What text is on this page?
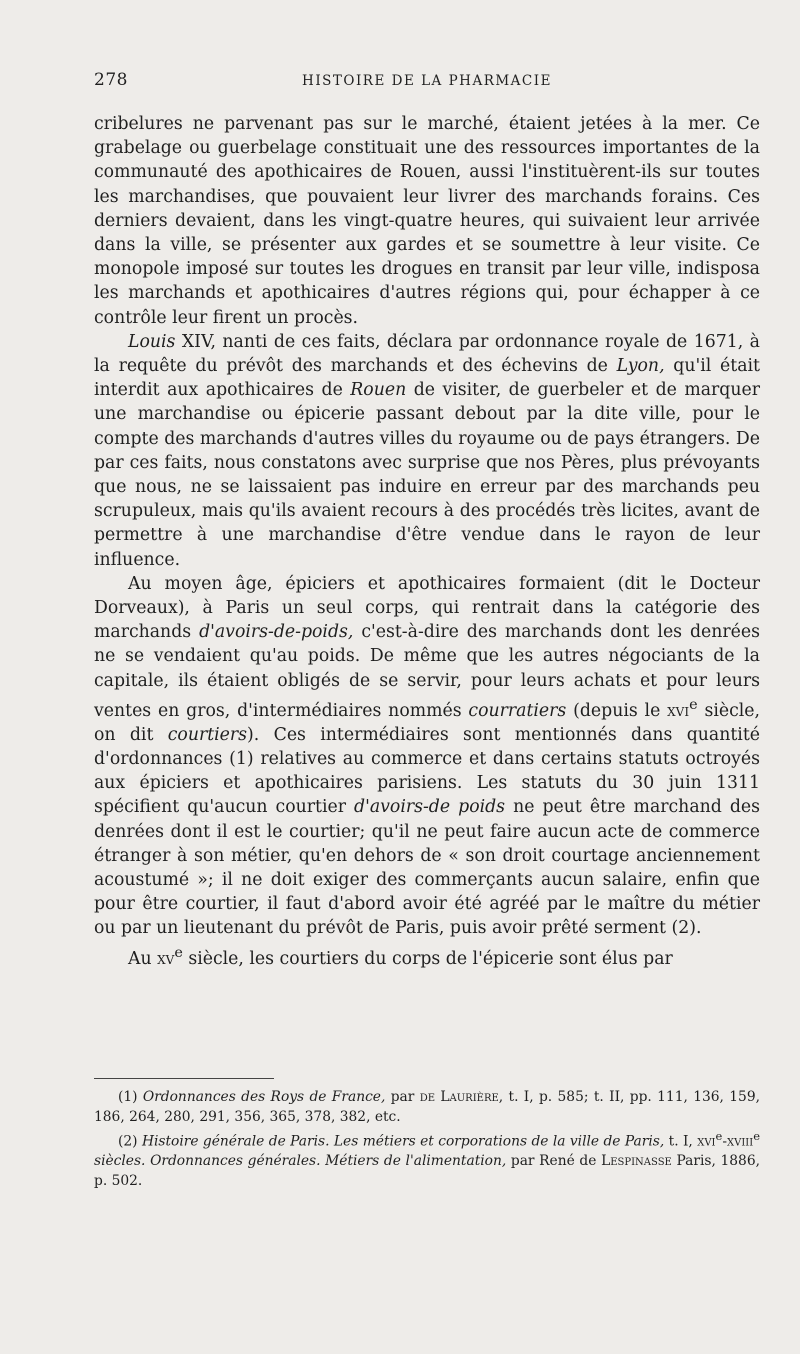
278	HISTOIRE DE LA PHARMACIE

cribelures ne parvenant pas sur le marché, étaient jetées à la mer. Ce grabelage ou guerbelage constituait une des ressources importantes de la communauté des apothicaires de Rouen, aussi l'instituèrent-ils sur toutes les marchandises, que pouvaient leur livrer des marchands forains. Ces derniers devaient, dans les vingt-quatre heures, qui suivaient leur arrivée dans la ville, se présenter aux gardes et se soumettre à leur visite. Ce monopole imposé sur toutes les drogues en transit par leur ville, indisposa les marchands et apothicaires d'autres régions qui, pour échapper à ce contrôle leur firent un procès.

Louis XIV, nanti de ces faits, déclara par ordonnance royale de 1671, à la requête du prévôt des marchands et des échevins de Lyon, qu'il était interdit aux apothicaires de Rouen de visiter, de guerbeler et de marquer une marchandise ou épicerie passant debout par la dite ville, pour le compte des marchands d'autres villes du royaume ou de pays étrangers. De par ces faits, nous constatons avec surprise que nos Pères, plus prévoyants que nous, ne se laissaient pas induire en erreur par des marchands peu scrupuleux, mais qu'ils avaient recours à des procédés très licites, avant de permettre à une marchandise d'être vendue dans le rayon de leur influence.

Au moyen âge, épiciers et apothicaires formaient (dit le Docteur Dorveaux), à Paris un seul corps, qui rentrait dans la catégorie des marchands d'avoirs-de-poids, c'est-à-dire des marchands dont les denrées ne se vendaient qu'au poids. De même que les autres négociants de la capitale, ils étaient obligés de se servir, pour leurs achats et pour leurs ventes en gros, d'intermédiaires nommés courratiers (depuis le xvi$^e$ siècle, on dit courtiers). Ces intermédiaires sont mentionnés dans quantité d'ordonnances (1) relatives au commerce et dans certains statuts octroyés aux épiciers et apothicaires parisiens. Les statuts du 30 juin 1311 spécifient qu'aucun courtier d'avoirs-de poids ne peut être marchand des denrées dont il est le courtier; qu'il ne peut faire aucun acte de commerce étranger à son métier, qu'en dehors de « son droit courtage anciennement acoustumé »; il ne doit exiger des commerçants aucun salaire, enfin que pour être courtier, il faut d'abord avoir été agréé par le maître du métier ou par un lieutenant du prévôt de Paris, puis avoir prêté serment (2).

Au $xv^e$ siècle, les courtiers du corps de l'épicerie sont élus par

(1) Ordonnances des Roys de France, par de Laurière, t. I, p. 585; t. II, pp. 111, 136, 159, 186, 264, 280, 291, 356, 365, 378, 382, etc.

(2) Histoire générale de Paris. Les métiers et corporations de la ville de Paris, t. I, xvi$^e$-xviii$^e$ siècles. Ordonnances générales. Métiers de l'alimentation, par René de Lespinasse Paris, 1886, p. 502.
